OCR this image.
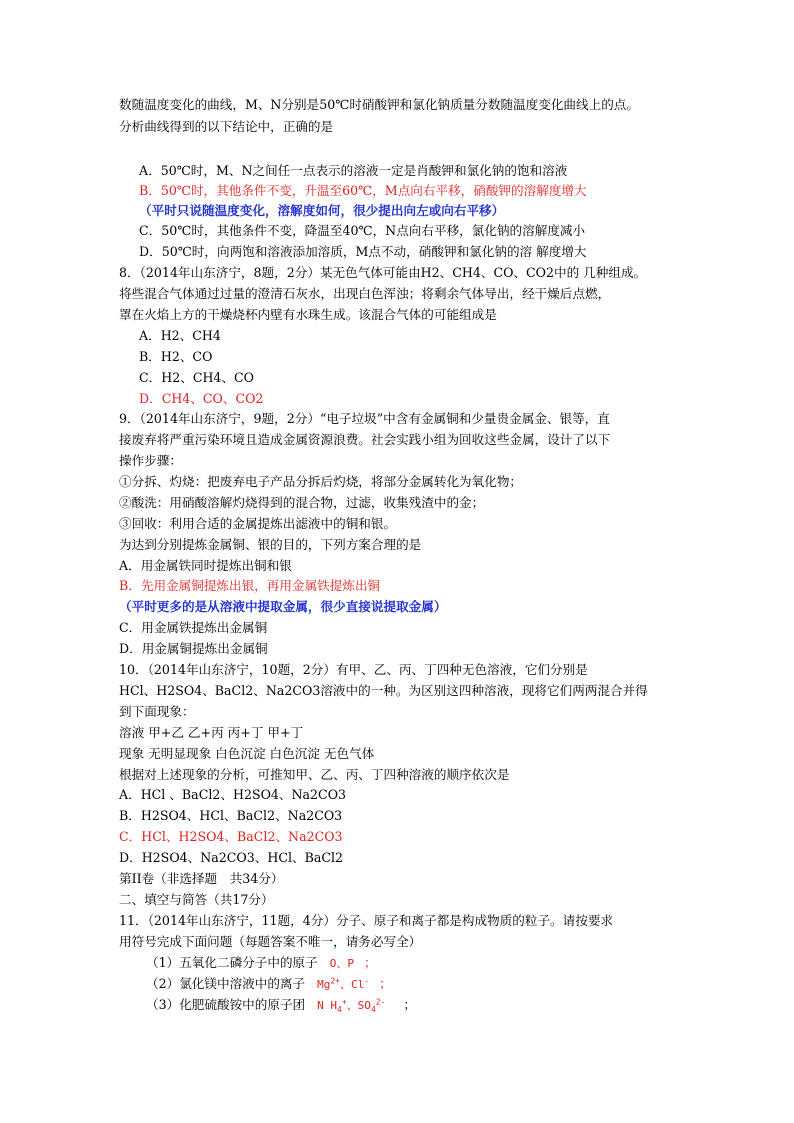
数随温度变化的曲线，M、N分别是50℃时硝酸钾和氯化钠质量分数随温度变化曲线上的点。
分析曲线得到的以下结论中，正确的是
A．50℃时，M、N之间任一点表示的溶液一定是肖酸钾和氯化钠的饱和溶液
B．50℃时，其他条件不变，升温至60℃，M点向右平移，硝酸钾的溶解度增大
（平时只说随温度变化，溶解度如何，很少提出向左或向右平移）
C．50℃时，其他条件不变，降温至40℃，N点向右平移，氯化钠的溶解度减小
D．50℃时，向两饱和溶液添加溶质，M点不动，硝酸钾和氯化钠的溶 解度增大
8．（2014年山东济宁，8题，2分）某无色气体可能由H2、CH4、CO、CO2中的 几种组成。
将些混合气体通过过量的澄清石灰水，出现白色浑浊；将剩余气体导出，经干燥后点燃，
罩在火焰上方的干燥烧杯内壁有水珠生成。该混合气体的可能组成是
A．H2、CH4
B．H2、CO
C．H2、CH4、CO
D．CH4、CO、CO2
9．（2014年山东济宁，9题，2分）“电子垃圾”中含有金属铜和少量贵金属金、银等，直
接废弃将严重污染环境且造成金属资源浪费。社会实践小组为回收这些金属，设计了以下
操作步骤：
①分拆、灼烧：把废弃电子产品分拆后灼烧，将部分金属转化为氧化物；
②酸洗：用硝酸溶解灼烧得到的混合物，过滤，收集残渣中的金；
③回收：利用合适的金属提炼出滤液中的铜和银。
为达到分别提炼金属铜、银的目的，下列方案合理的是
A．用金属铁同时提炼出铜和银
B．先用金属铜提炼出银，再用金属铁提炼出铜
（平时更多的是从溶液中提取金属，很少直接说提取金属）
C．用金属铁提炼出金属铜
D．用金属铜提炼出金属铜
10．（2014年山东济宁，10题，2分）有甲、乙、丙、丁四种无色溶液，它们分别是
HCl、H2SO4、BaCl2、Na2CO3溶液中的一种。为区别这四种溶液，现将它们两两混合并得
到下面现象：
溶液 甲+乙 乙+丙 丙+丁 甲+丁
现象 无明显现象 白色沉淀 白色沉淀 无色气体
根据对上述现象的分析，可推知甲、乙、丙、丁四种溶液的顺序依次是
A．HCl 、BaCl2、H2SO4、Na2CO3
B．H2SO4、HCl、BaCl2、Na2CO3
C．HCl、H2SO4、BaCl2、Na2CO3
D．H2SO4、Na2CO3、HCl、BaCl2
第II卷（非选择题　共34分）
二、填空与简答（共17分）
11．（2014年山东济宁，11题，4分）分子、原子和离子都是构成物质的粒子。请按要求
用符号完成下面问题（每题答案不唯一，请务必写全）
（1）五氧化二磷分子中的原子 O、P ；
（2）氯化镁中溶液中的离子 $Mg^{2+}$、Cl- ；
（3）化肥硫酸铵中的原子团 N $H_4^+$、$SO_4^{2-}$ ；
